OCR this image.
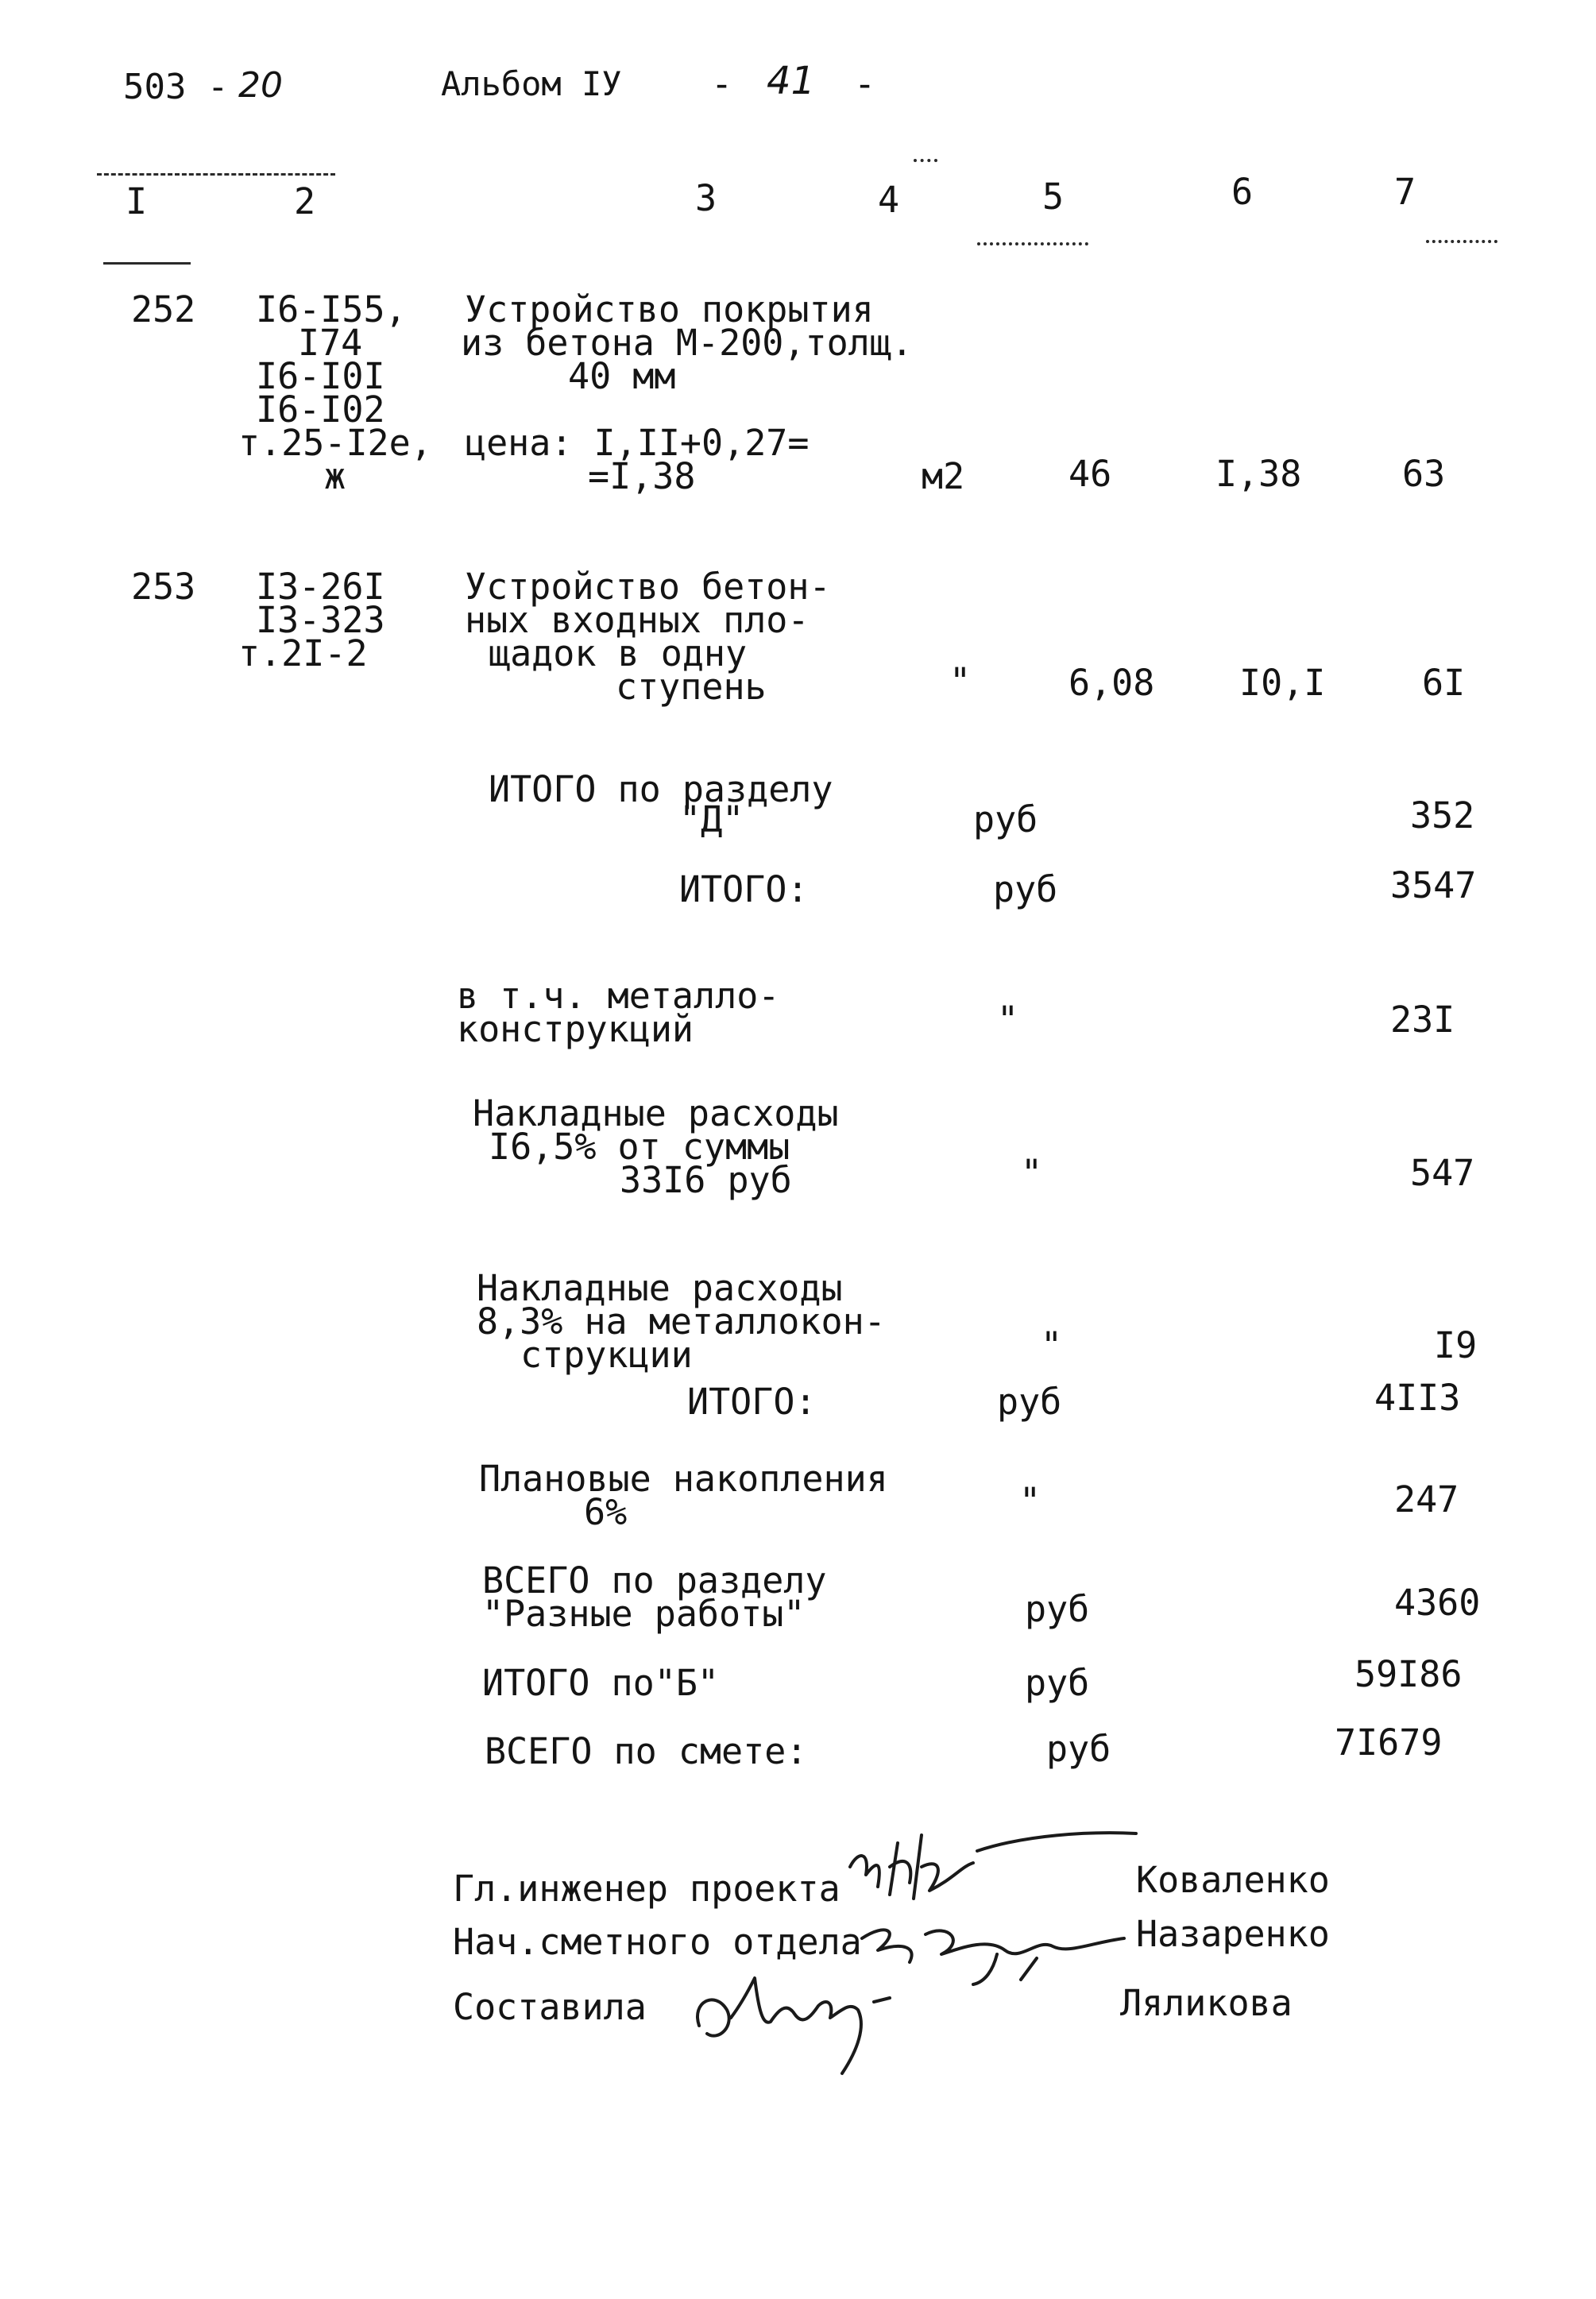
503 - 20	Альбом IУ - 41 -
I	2	3	4	5	6	7
252 I6-I55,
I74
I6-I0I
I6-I02
т.25-I2е,
ж
Устройство покрытия
из бетона М-200,толщ.
40 мм
цена: I,II+0,27=
=I,38	м2	46	I,38	63
253 I3-26I
I3-323
т.2I-2
Устройство бетон-
ных входных пло-
щадок в одну
ступень	"	6,08 I0,I	6I
ИТОГО по разделу
"Д"	руб	352
ИТОГО:	руб	3547
в т.ч. металло-
конструкций	"	23I
Накладные расходы
I6,5% от суммы
33I6 руб	"	547
Накладные расходы
8,3% на металлокон-
струкции	"	I9
ИТОГО:	руб	4II3
Плановые накопления
6%	"	247
ВСЕГО по разделу
"Разные работы"	руб	4360
ИТОГО по"Б"	руб	59I86
ВСЕГО по смете:	руб	7I679
Гл.инженер проекта	Коваленко
Нач.сметного отдела	Назаренко
Составила	Ляликова
